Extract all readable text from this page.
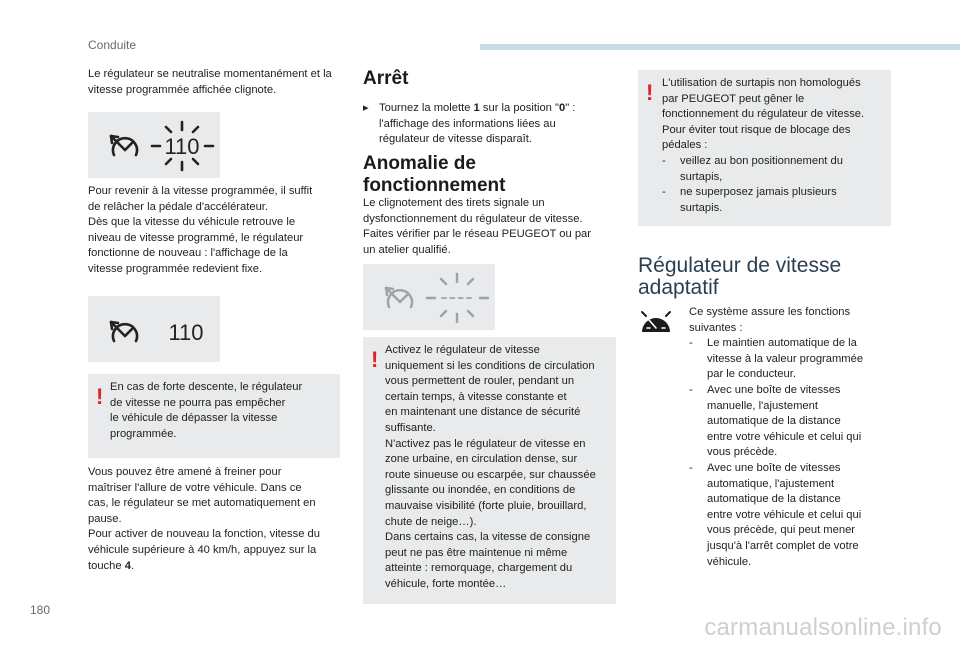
Conduite

Le régulateur se neutralise momentanément et la vitesse programmée affichée clignote.

110
Pour revenir à la vitesse programmée, il suffit
de relâcher la pédale d'accélérateur.
Dès que la vitesse du véhicule retrouve le
niveau de vitesse programmé, le régulateur
fonctionne de nouveau : l'affichage de la
vitesse programmée redevient fixe.
110
! En cas de forte descente, le régulateur
de vitesse ne pourra pas empêcher
le véhicule de dépasser la vitesse
programmée.
Vous pouvez être amené à freiner pour
maîtriser l'allure de votre véhicule. Dans ce
cas, le régulateur se met automatiquement en
pause.
Pour activer de nouveau la fonction, vitesse du
véhicule supérieure à 40 km/h, appuyez sur la
touche 4.
Arrêt
▸ Tournez la molette 1 sur la position "0" :
l'affichage des informations liées au
régulateur de vitesse disparaît.
Anomalie de
fonctionnement
Le clignotement des tirets signale un
dysfonctionnement du régulateur de vitesse.
Faites vérifier par le réseau PEUGEOT ou par
un atelier qualifié.
----
! Activez le régulateur de vitesse
uniquement si les conditions de circulation
vous permettent de rouler, pendant un
certain temps, à vitesse constante et
en maintenant une distance de sécurité
suffisante.
N'activez pas le régulateur de vitesse en
zone urbaine, en circulation dense, sur
route sinueuse ou escarpée, sur chaussée
glissante ou inondée, en conditions de
mauvaise visibilité (forte pluie, brouillard,
chute de neige…).
Dans certains cas, la vitesse de consigne
peut ne pas être maintenue ni même
atteinte : remorquage, chargement du
véhicule, forte montée…
! L'utilisation de surtapis non homologués
par PEUGEOT peut gêner le
fonctionnement du régulateur de vitesse.
Pour éviter tout risque de blocage des
pédales :
-	veillez au bon positionnement du
surtapis,
-	ne superposez jamais plusieurs
surtapis.
Régulateur de vitesse
adaptatif
Ce système assure les fonctions
suivantes :
-	Le maintien automatique de la
vitesse à la valeur programmée
par le conducteur.
-	Avec une boîte de vitesses
manuelle, l'ajustement
automatique de la distance
entre votre véhicule et celui qui
vous précède.
-	Avec une boîte de vitesses
automatique, l'ajustement
automatique de la distance
entre votre véhicule et celui qui
vous précède, qui peut mener
jusqu'à l'arrêt complet de votre
véhicule.
180
carmanualsonline.info
